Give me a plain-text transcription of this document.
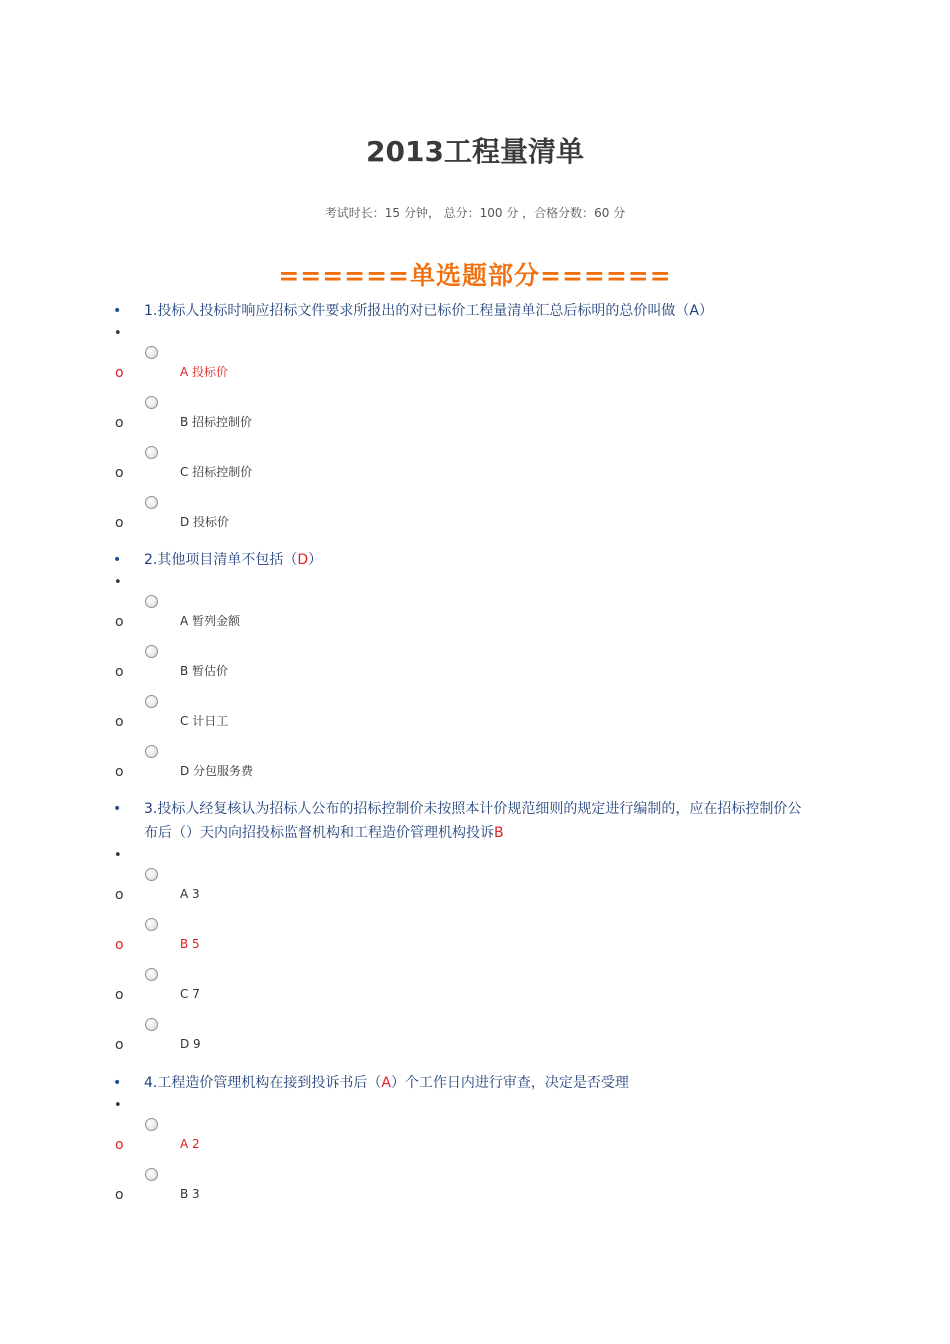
2013工程量清单
考试时长：15 分钟， 总分：100 分 ，合格分数：60 分
======单选题部分======
• 1.投标人投标时响应招标文件要求所报出的对已标价工程量清单汇总后标明的总价叫做（A）
•
o	A 投标价
o	B 招标控制价
o	C 招标控制价
o	D 投标价
• 2.其他项目清单不包括（D）
•
o	A 暂列金额
o	B 暂估价
o	C 计日工
o	D 分包服务费
• 3.投标人经复核认为招标人公布的招标控制价未按照本计价规范细则的规定进行编制的，应在招标控制价公布后（）天内向招投标监督机构和工程造价管理机构投诉B
•
o	A 3
o	B 5
o	C 7
o	D 9
• 4.工程造价管理机构在接到投诉书后（A）个工作日内进行审查，决定是否受理
•
o	A 2
o	B 3
